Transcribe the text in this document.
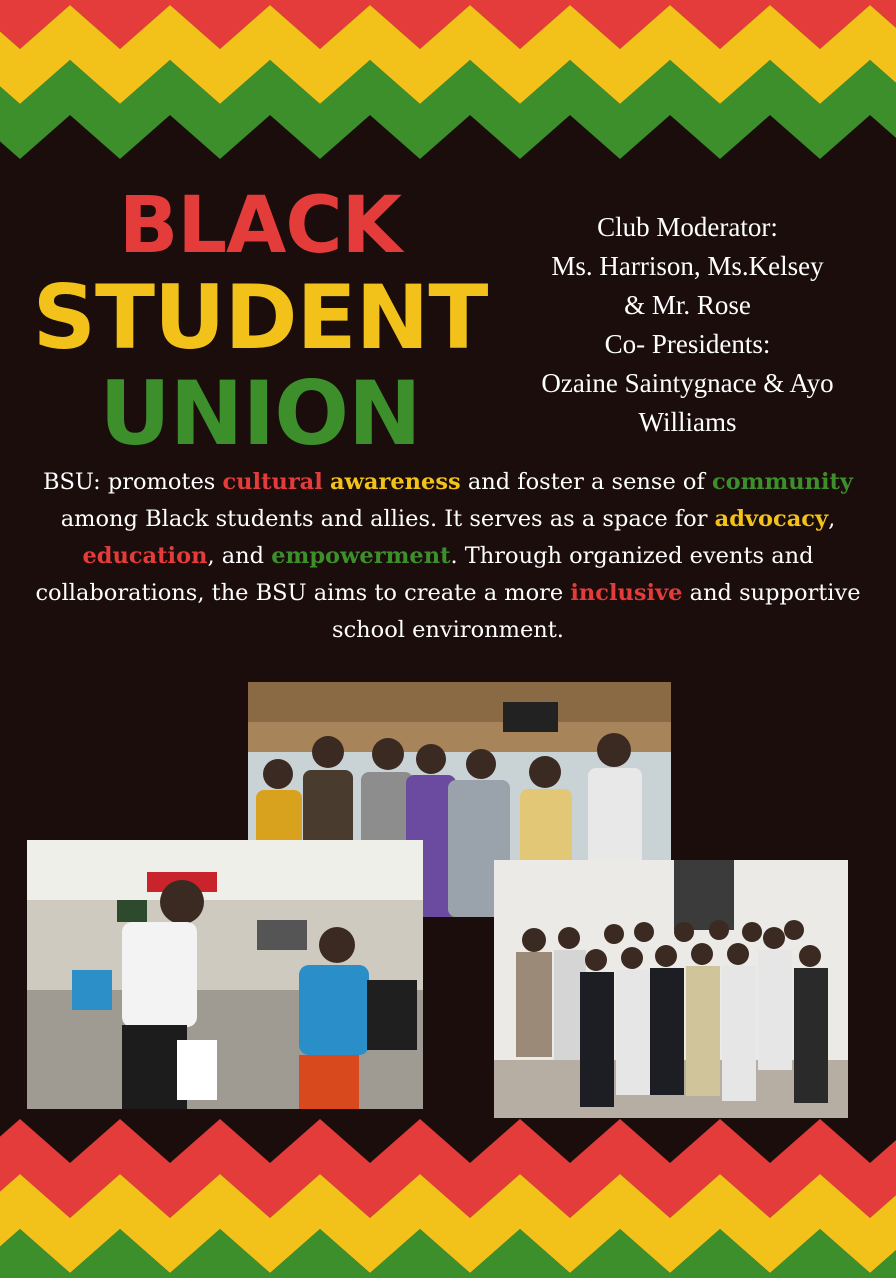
BLACK
STUDENT
UNION
Club Moderator:
Ms. Harrison, Ms.Kelsey
& Mr. Rose
Co- Presidents:
Ozaine Saintygnace & Ayo
Williams
BSU: promotes cultural awareness and foster a sense of community among Black students and allies. It serves as a space for advocacy, education, and empowerment. Through organized events and collaborations, the BSU aims to create a more inclusive and supportive school environment.
